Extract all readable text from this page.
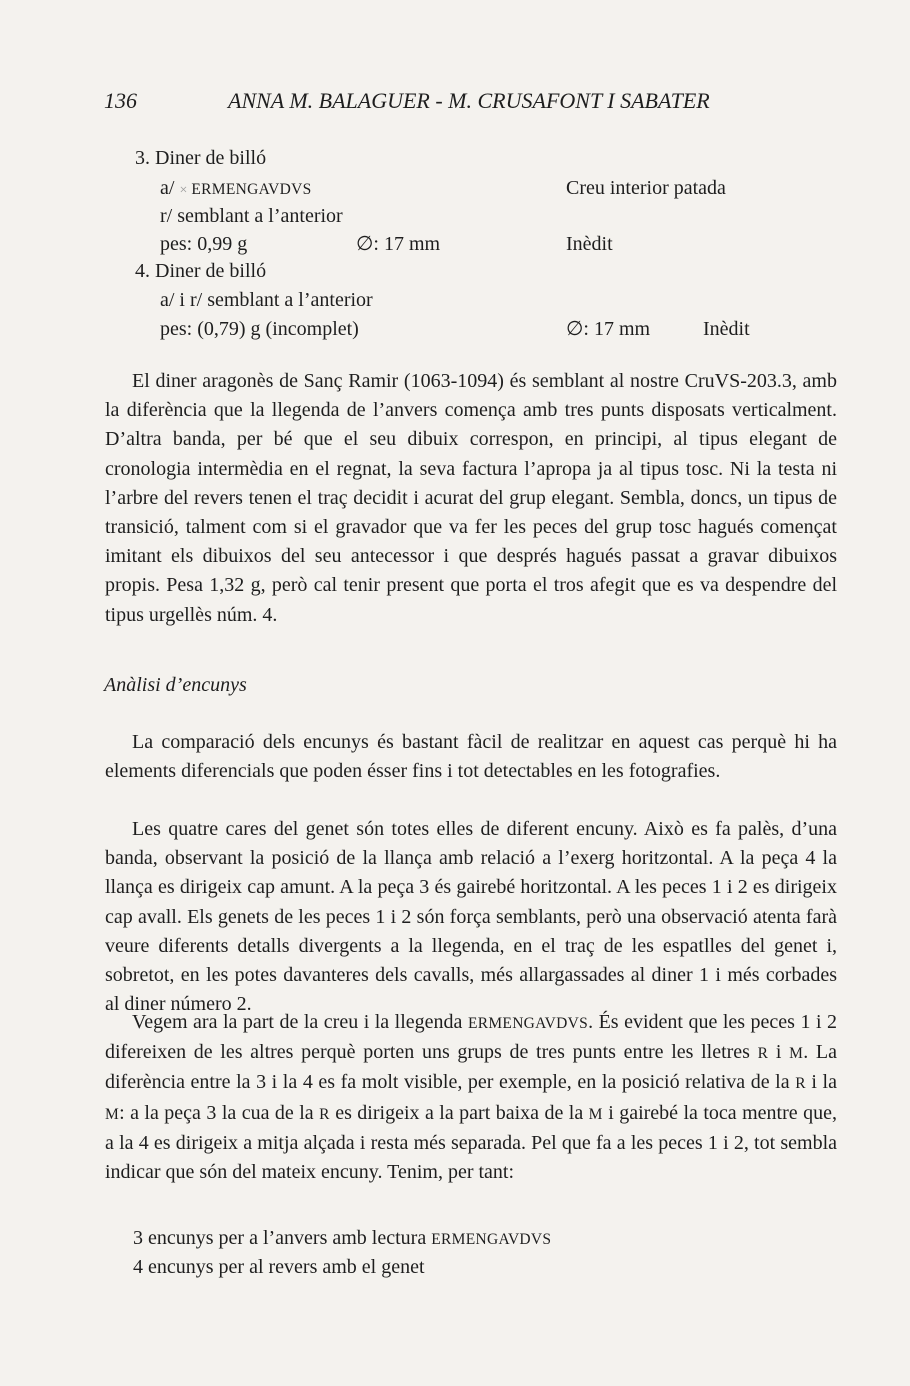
136	ANNA M. BALAGUER - M. CRUSAFONT I SABATER
3. Diner de billó
a/ × ERMENGAVDVS	Creu interior patada
r/ semblant a l’anterior
pes: 0,99 g	∅: 17 mm	Inèdit
4. Diner de billó
a/ i r/ semblant a l’anterior
pes: (0,79) g (incomplet)	∅: 17 mm	Inèdit

El diner aragonès de Sanç Ramir (1063-1094) és semblant al nostre CruVS-203.3, amb la diferència que la llegenda de l’anvers comença amb tres punts disposats verticalment. D’altra banda, per bé que el seu dibuix correspon, en principi, al tipus elegant de cronologia intermèdia en el regnat, la seva factura l’apropa ja al tipus tosc. Ni la testa ni l’arbre del revers tenen el traç decidit i acurat del grup elegant. Sembla, doncs, un tipus de transició, talment com si el gravador que va fer les peces del grup tosc hagués començat imitant els dibuixos del seu antecessor i que després hagués passat a gravar dibuixos propis. Pesa 1,32 g, però cal tenir present que porta el tros afegit que es va despendre del tipus urgellès núm. 4.

Anàlisi d’encunys

La comparació dels encunys és bastant fàcil de realitzar en aquest cas perquè hi ha elements diferencials que poden ésser fins i tot detectables en les fotografies.

Les quatre cares del genet són totes elles de diferent encuny. Això es fa palès, d’una banda, observant la posició de la llança amb relació a l’exerg horitzontal. A la peça 4 la llança es dirigeix cap amunt. A la peça 3 és gairebé horitzontal. A les peces 1 i 2 es dirigeix cap avall. Els genets de les peces 1 i 2 són força semblants, però una observació atenta farà veure diferents detalls divergents a la llegenda, en el traç de les espatlles del genet i, sobretot, en les potes davanteres dels cavalls, més allargassades al diner 1 i més corbades al diner número 2.

Vegem ara la part de la creu i la llegenda ERMENGAVDVS. És evident que les peces 1 i 2 difereixen de les altres perquè porten uns grups de tres punts entre les lletres R i M. La diferència entre la 3 i la 4 es fa molt visible, per exemple, en la posició relativa de la R i la M: a la peça 3 la cua de la R es dirigeix a la part baixa de la M i gairebé la toca mentre que, a la 4 es dirigeix a mitja alçada i resta més separada. Pel que fa a les peces 1 i 2, tot sembla indicar que són del mateix encuny. Tenim, per tant:

3 encunys per a l’anvers amb lectura ERMENGAVDVS
4 encunys per al revers amb el genet
